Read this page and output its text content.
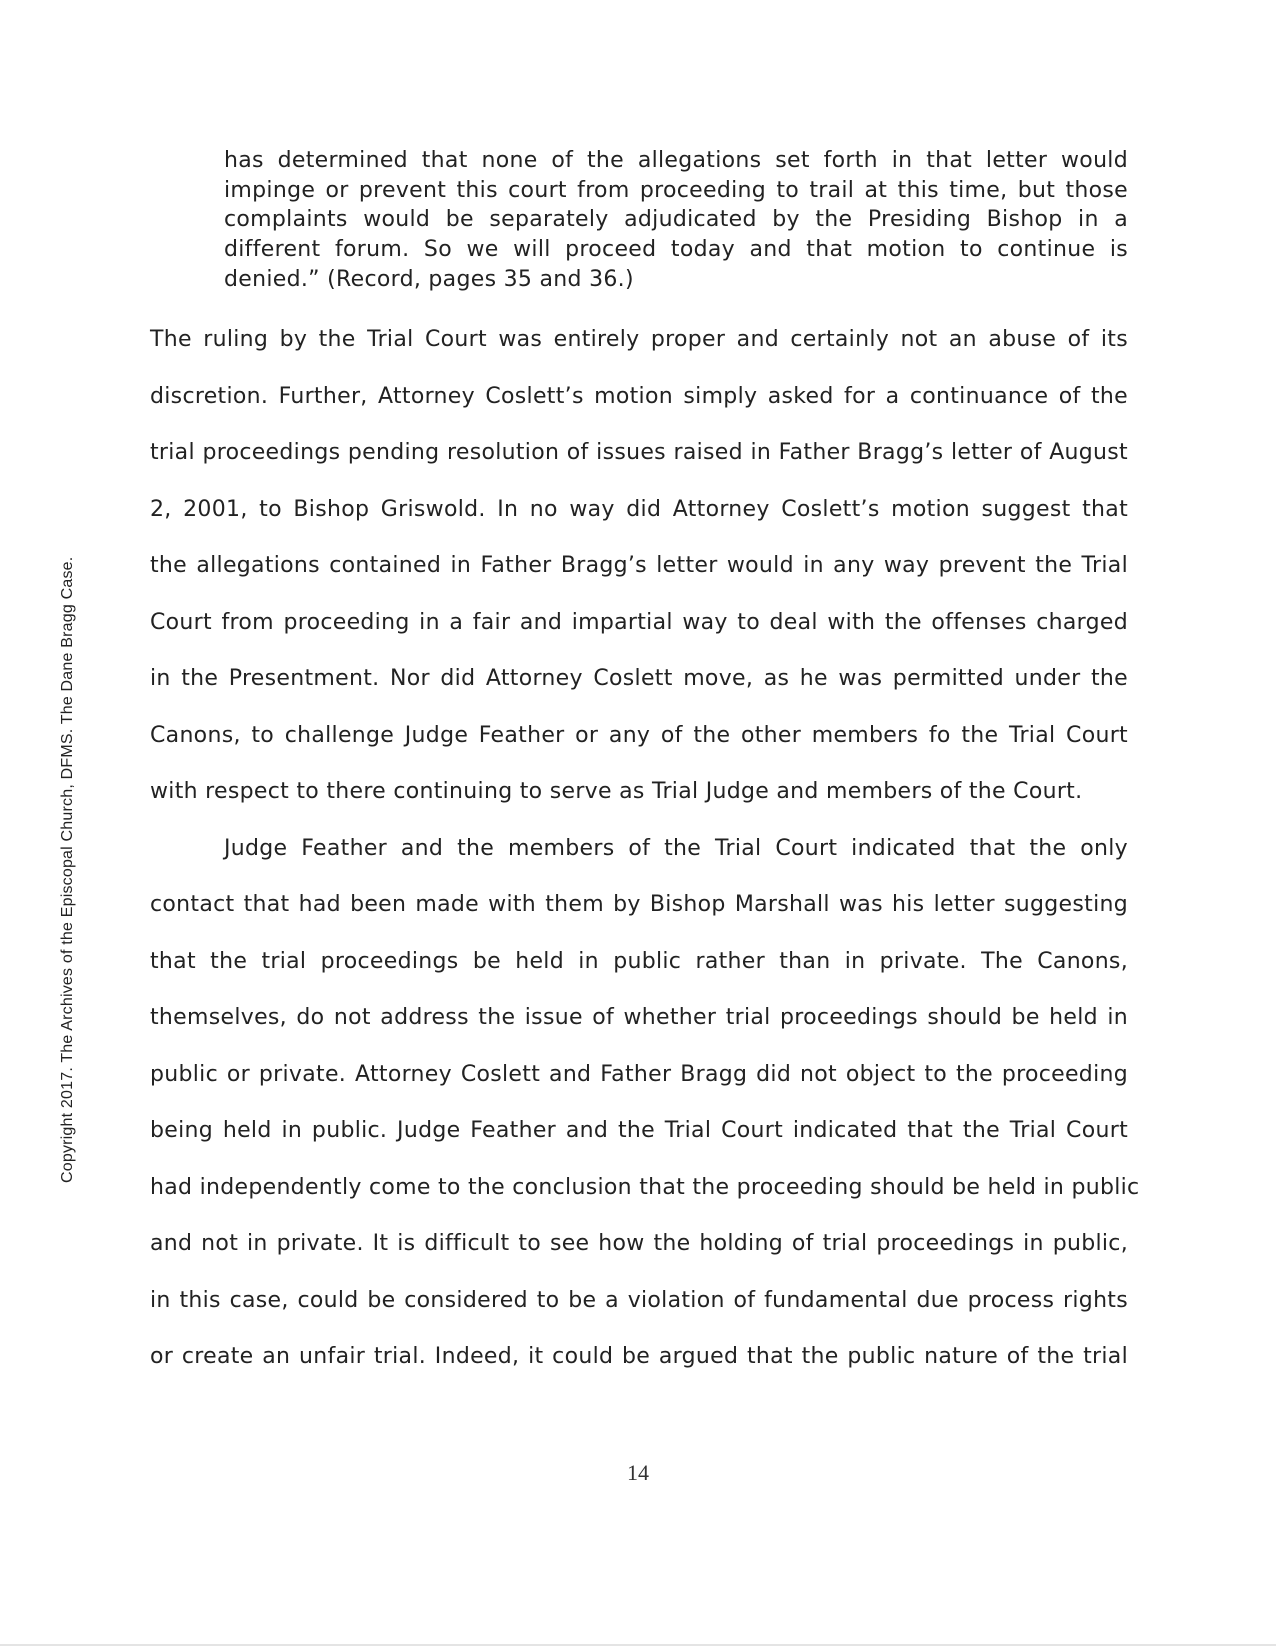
Copyright 2017. The Archives of the Episcopal Church, DFMS. The Dane Bragg Case.
has determined that none of the allegations set forth in that letter would impinge or prevent this court from proceeding to trail at this time, but those complaints would be separately adjudicated by the Presiding Bishop in a different forum. So we will proceed today and that motion to continue is denied.” (Record, pages 35 and 36.)
The ruling by the Trial Court was entirely proper and certainly not an abuse of its
discretion. Further, Attorney Coslett’s motion simply asked for a continuance of the
trial proceedings pending resolution of issues raised in Father Bragg’s letter of August
2, 2001, to Bishop Griswold. In no way did Attorney Coslett’s motion suggest that
the allegations contained in Father Bragg’s letter would in any way prevent the Trial
Court from proceeding in a fair and impartial way to deal with the offenses charged
in the Presentment. Nor did Attorney Coslett move, as he was permitted under the
Canons, to challenge Judge Feather or any of the other members fo the Trial Court
with respect to there continuing to serve as Trial Judge and members of the Court.
Judge Feather and the members of the Trial Court indicated that the only
contact that had been made with them by Bishop Marshall was his letter suggesting
that the trial proceedings be held in public rather than in private. The Canons,
themselves, do not address the issue of whether trial proceedings should be held in
public or private. Attorney Coslett and Father Bragg did not object to the proceeding
being held in public. Judge Feather and the Trial Court indicated that the Trial Court
had independently come to the conclusion that the proceeding should be held in public
and not in private. It is difficult to see how the holding of trial proceedings in public,
in this case, could be considered to be a violation of fundamental due process rights
or create an unfair trial. Indeed, it could be argued that the public nature of the trial
14
